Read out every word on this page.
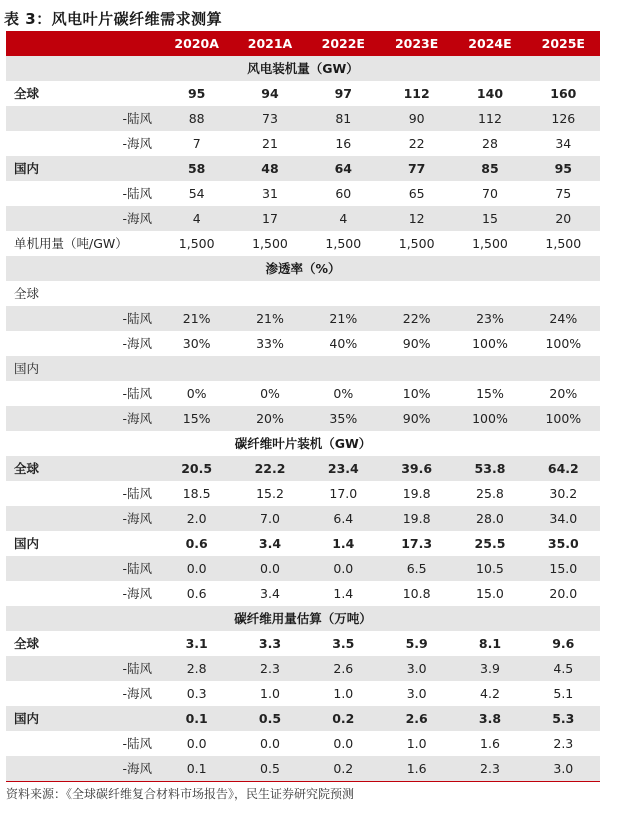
表 3：风电叶片碳纤维需求测算
	2020A	2021A	2022E	2023E	2024E	2025E
风电装机量（GW）						
全球	95	94	97	112	140	160
-陆风	88	73	81	90	112	126
-海风	7	21	16	22	28	34
国内	58	48	64	77	85	95
-陆风	54	31	60	65	70	75
-海风	4	17	4	12	15	20
单机用量（吨/GW）	1,500	1,500	1,500	1,500	1,500	1,500
渗透率（%）						
全球						
-陆风	21%	21%	21%	22%	23%	24%
-海风	30%	33%	40%	90%	100%	100%
国内						
-陆风	0%	0%	0%	10%	15%	20%
-海风	15%	20%	35%	90%	100%	100%
碳纤维叶片装机（GW）						
全球	20.5	22.2	23.4	39.6	53.8	64.2
-陆风	18.5	15.2	17.0	19.8	25.8	30.2
-海风	2.0	7.0	6.4	19.8	28.0	34.0
国内	0.6	3.4	1.4	17.3	25.5	35.0
-陆风	0.0	0.0	0.0	6.5	10.5	15.0
-海风	0.6	3.4	1.4	10.8	15.0	20.0
碳纤维用量估算（万吨）						
全球	3.1	3.3	3.5	5.9	8.1	9.6
-陆风	2.8	2.3	2.6	3.0	3.9	4.5
-海风	0.3	1.0	1.0	3.0	4.2	5.1
国内	0.1	0.5	0.2	2.6	3.8	5.3
-陆风	0.0	0.0	0.0	1.0	1.6	2.3
-海风	0.1	0.5	0.2	1.6	2.3	3.0
资料来源：《全球碳纤维复合材料市场报告》，民生证券研究院预测
